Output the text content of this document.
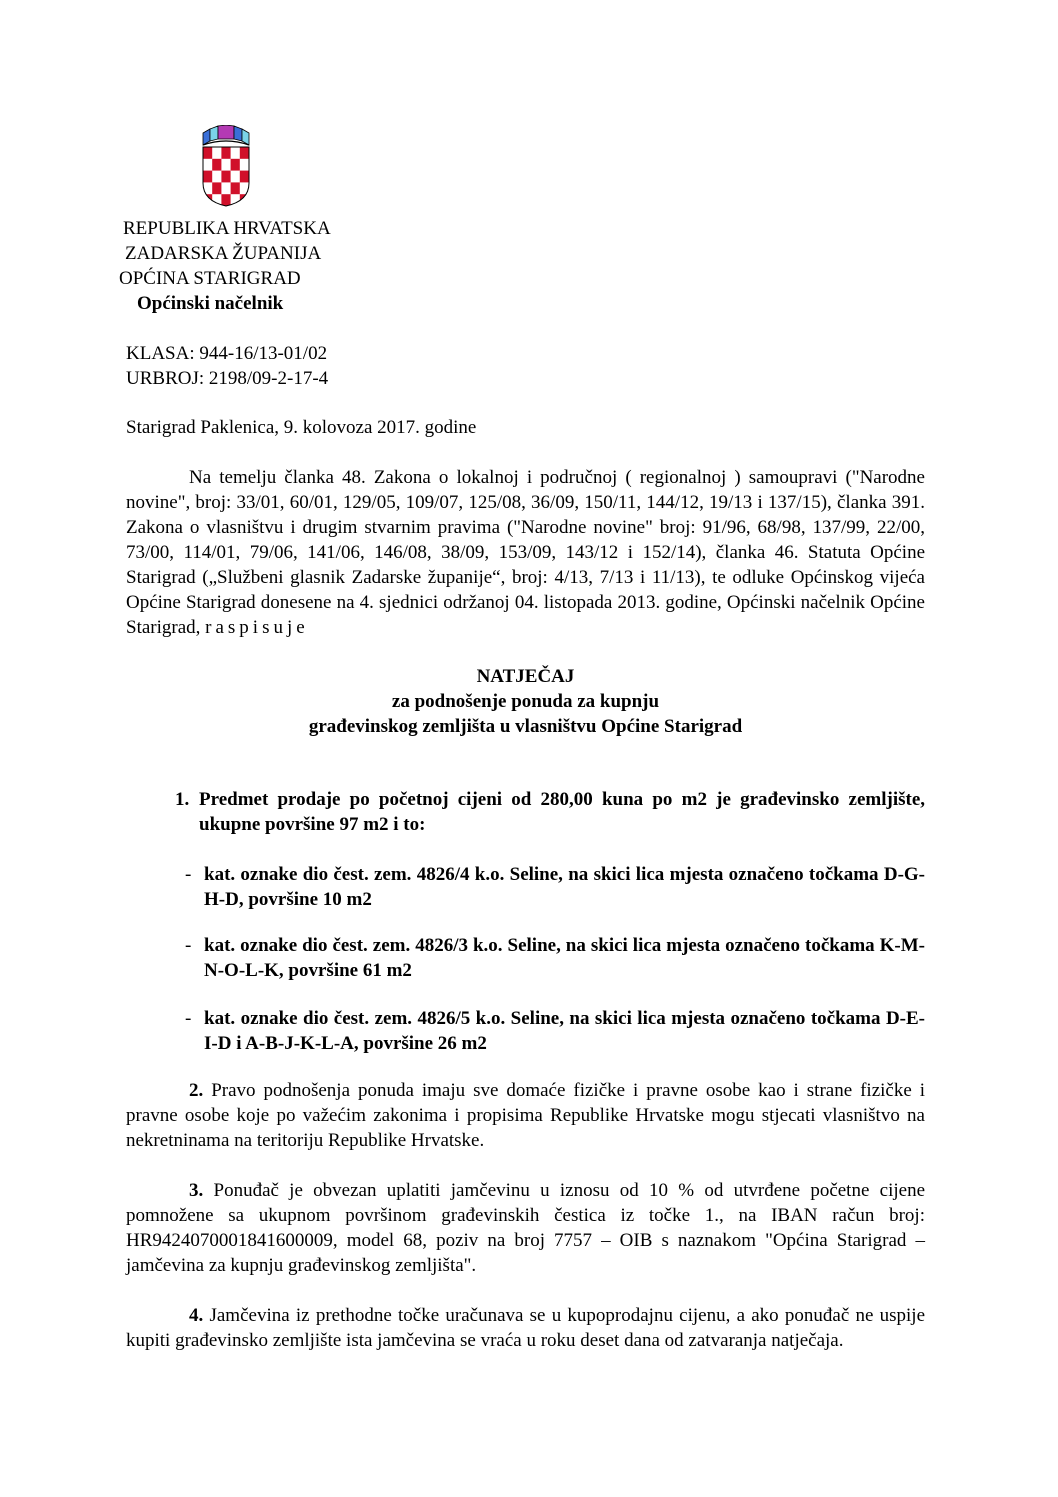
REPUBLIKA HRVATSKA
ZADARSKA ŽUPANIJA
OPĆINA STARIGRAD
Općinski načelnik
KLASA: 944-16/13-01/02
URBROJ: 2198/09-2-17-4
Starigrad Paklenica, 9. kolovoza 2017. godine
Na temelju članka 48. Zakona o lokalnoj i područnoj ( regionalnoj ) samoupravi ("Narodne novine", broj: 33/01, 60/01, 129/05, 109/07, 125/08, 36/09, 150/11, 144/12, 19/13 i 137/15), članka 391. Zakona o vlasništvu i drugim stvarnim pravima ("Narodne novine" broj: 91/96, 68/98, 137/99, 22/00, 73/00, 114/01, 79/06, 141/06, 146/08, 38/09, 153/09, 143/12 i 152/14), članka 46. Statuta Općine Starigrad („Službeni glasnik Zadarske županije“, broj: 4/13, 7/13 i 11/13), te odluke Općinskog vijeća Općine Starigrad donesene na 4. sjednici održanoj 04. listopada 2013. godine, Općinski načelnik Općine Starigrad, raspisuje

NATJEČAJ

za podnošenje ponuda za kupnju

građevinskog zemljišta u vlasništvu Općine Starigrad

1. Predmet prodaje po početnoj cijeni od 280,00 kuna po m2 je građevinsko zemljište, ukupne površine 97 m2 i to:
- kat. oznake dio čest. zem. 4826/4 k.o. Seline, na skici lica mjesta označeno točkama D-G-H-D, površine 10 m2
- kat. oznake dio čest. zem. 4826/3 k.o. Seline, na skici lica mjesta označeno točkama K-M-N-O-L-K, površine 61 m2
- kat. oznake dio čest. zem. 4826/5 k.o. Seline, na skici lica mjesta označeno točkama D-E-I-D i A-B-J-K-L-A, površine 26 m2
2. Pravo podnošenja ponuda imaju sve domaće fizičke i pravne osobe kao i strane fizičke i pravne osobe koje po važećim zakonima i propisima Republike Hrvatske mogu stjecati vlasništvo na nekretninama na teritoriju Republike Hrvatske.
3. Ponuđač je obvezan uplatiti jamčevinu u iznosu od 10 % od utvrđene početne cijene pomnožene sa ukupnom površinom građevinskih čestica iz točke 1., na IBAN račun broj: HR9424070001841600009, model 68, poziv na broj 7757 – OIB s naznakom "Općina Starigrad – jamčevina za kupnju građevinskog zemljišta".
4. Jamčevina iz prethodne točke uračunava se u kupoprodajnu cijenu, a ako ponuđač ne uspije kupiti građevinsko zemljište ista jamčevina se vraća u roku deset dana od zatvaranja natječaja.
